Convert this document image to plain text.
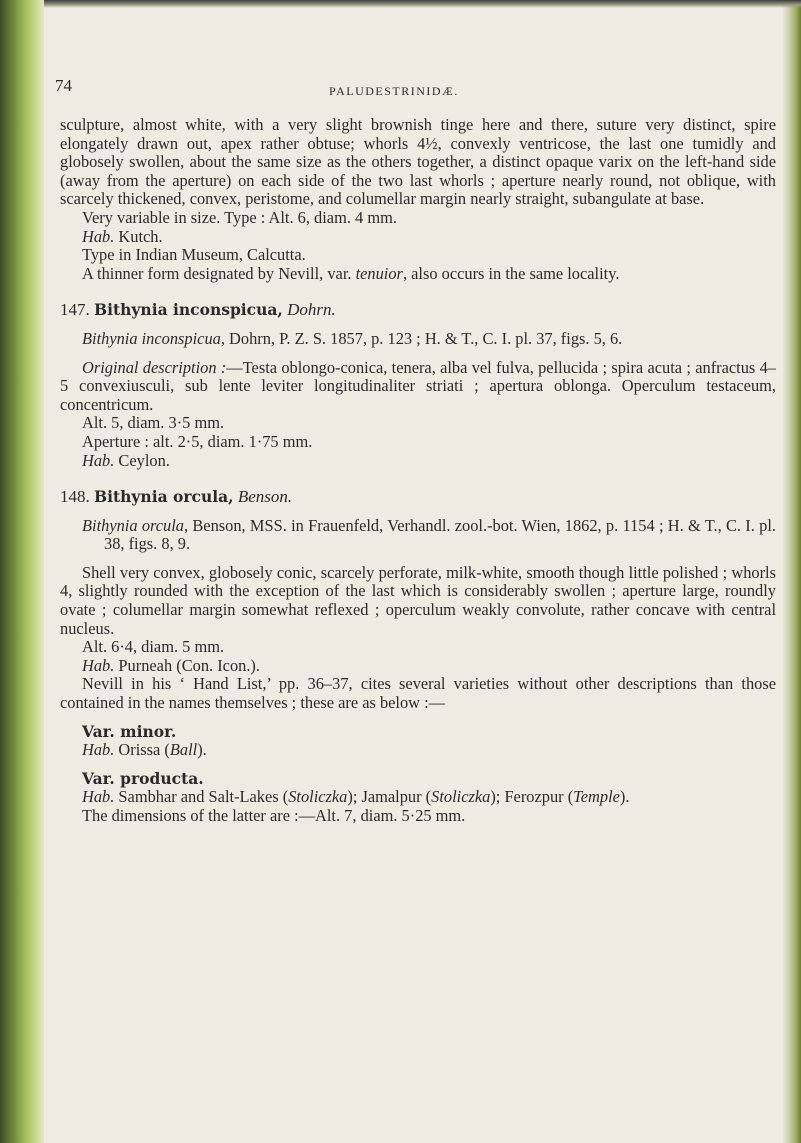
74	PALUDESTRINIDÆ.

sculpture, almost white, with a very slight brownish tinge here and there, suture very distinct, spire elongately drawn out, apex rather obtuse; whorls 4½, convexly ventricose, the last one tumidly and globosely swollen, about the same size as the others together, a distinct opaque varix on the left-hand side (away from the aperture) on each side of the two last whorls ; aperture nearly round, not oblique, with scarcely thickened, convex, peristome, and columellar margin nearly straight, subangulate at base.

Very variable in size. Type : Alt. 6, diam. 4 mm.

Hab. Kutch.

Type in Indian Museum, Calcutta.

A thinner form designated by Nevill, var. tenuior, also occurs in the same locality.

147. Bithynia inconspicua, Dohrn.

Bithynia inconspicua, Dohrn, P. Z. S. 1857, p. 123 ; H. & T., C. I. pl. 37, figs. 5, 6.

Original description :—Testa oblongo-conica, tenera, alba vel fulva, pellucida ; spira acuta ; anfractus 4–5 convexiusculi, sub lente leviter longitudinaliter striati ; apertura oblonga. Operculum testaceum, concentricum.

Alt. 5, diam. 3·5 mm.

Aperture : alt. 2·5, diam. 1·75 mm.

Hab. Ceylon.

148. Bithynia orcula, Benson.

Bithynia orcula, Benson, MSS. in Frauenfeld, Verhandl. zool.-bot. Wien, 1862, p. 1154 ; H. & T., C. I. pl. 38, figs. 8, 9.

Shell very convex, globosely conic, scarcely perforate, milk-white, smooth though little polished ; whorls 4, slightly rounded with the exception of the last which is considerably swollen ; aperture large, roundly ovate ; columellar margin somewhat reflexed ; operculum weakly convolute, rather concave with central nucleus.

Alt. 6·4, diam. 5 mm.

Hab. Purneah (Con. Icon.).

Nevill in his ‘ Hand List,’ pp. 36–37, cites several varieties without other descriptions than those contained in the names themselves ; these are as below :—

Var. minor.

Hab. Orissa (Ball).

Var. producta.

Hab. Sambhar and Salt-Lakes (Stoliczka); Jamalpur (Stoliczka); Ferozpur (Temple).

The dimensions of the latter are :—Alt. 7, diam. 5·25 mm.
